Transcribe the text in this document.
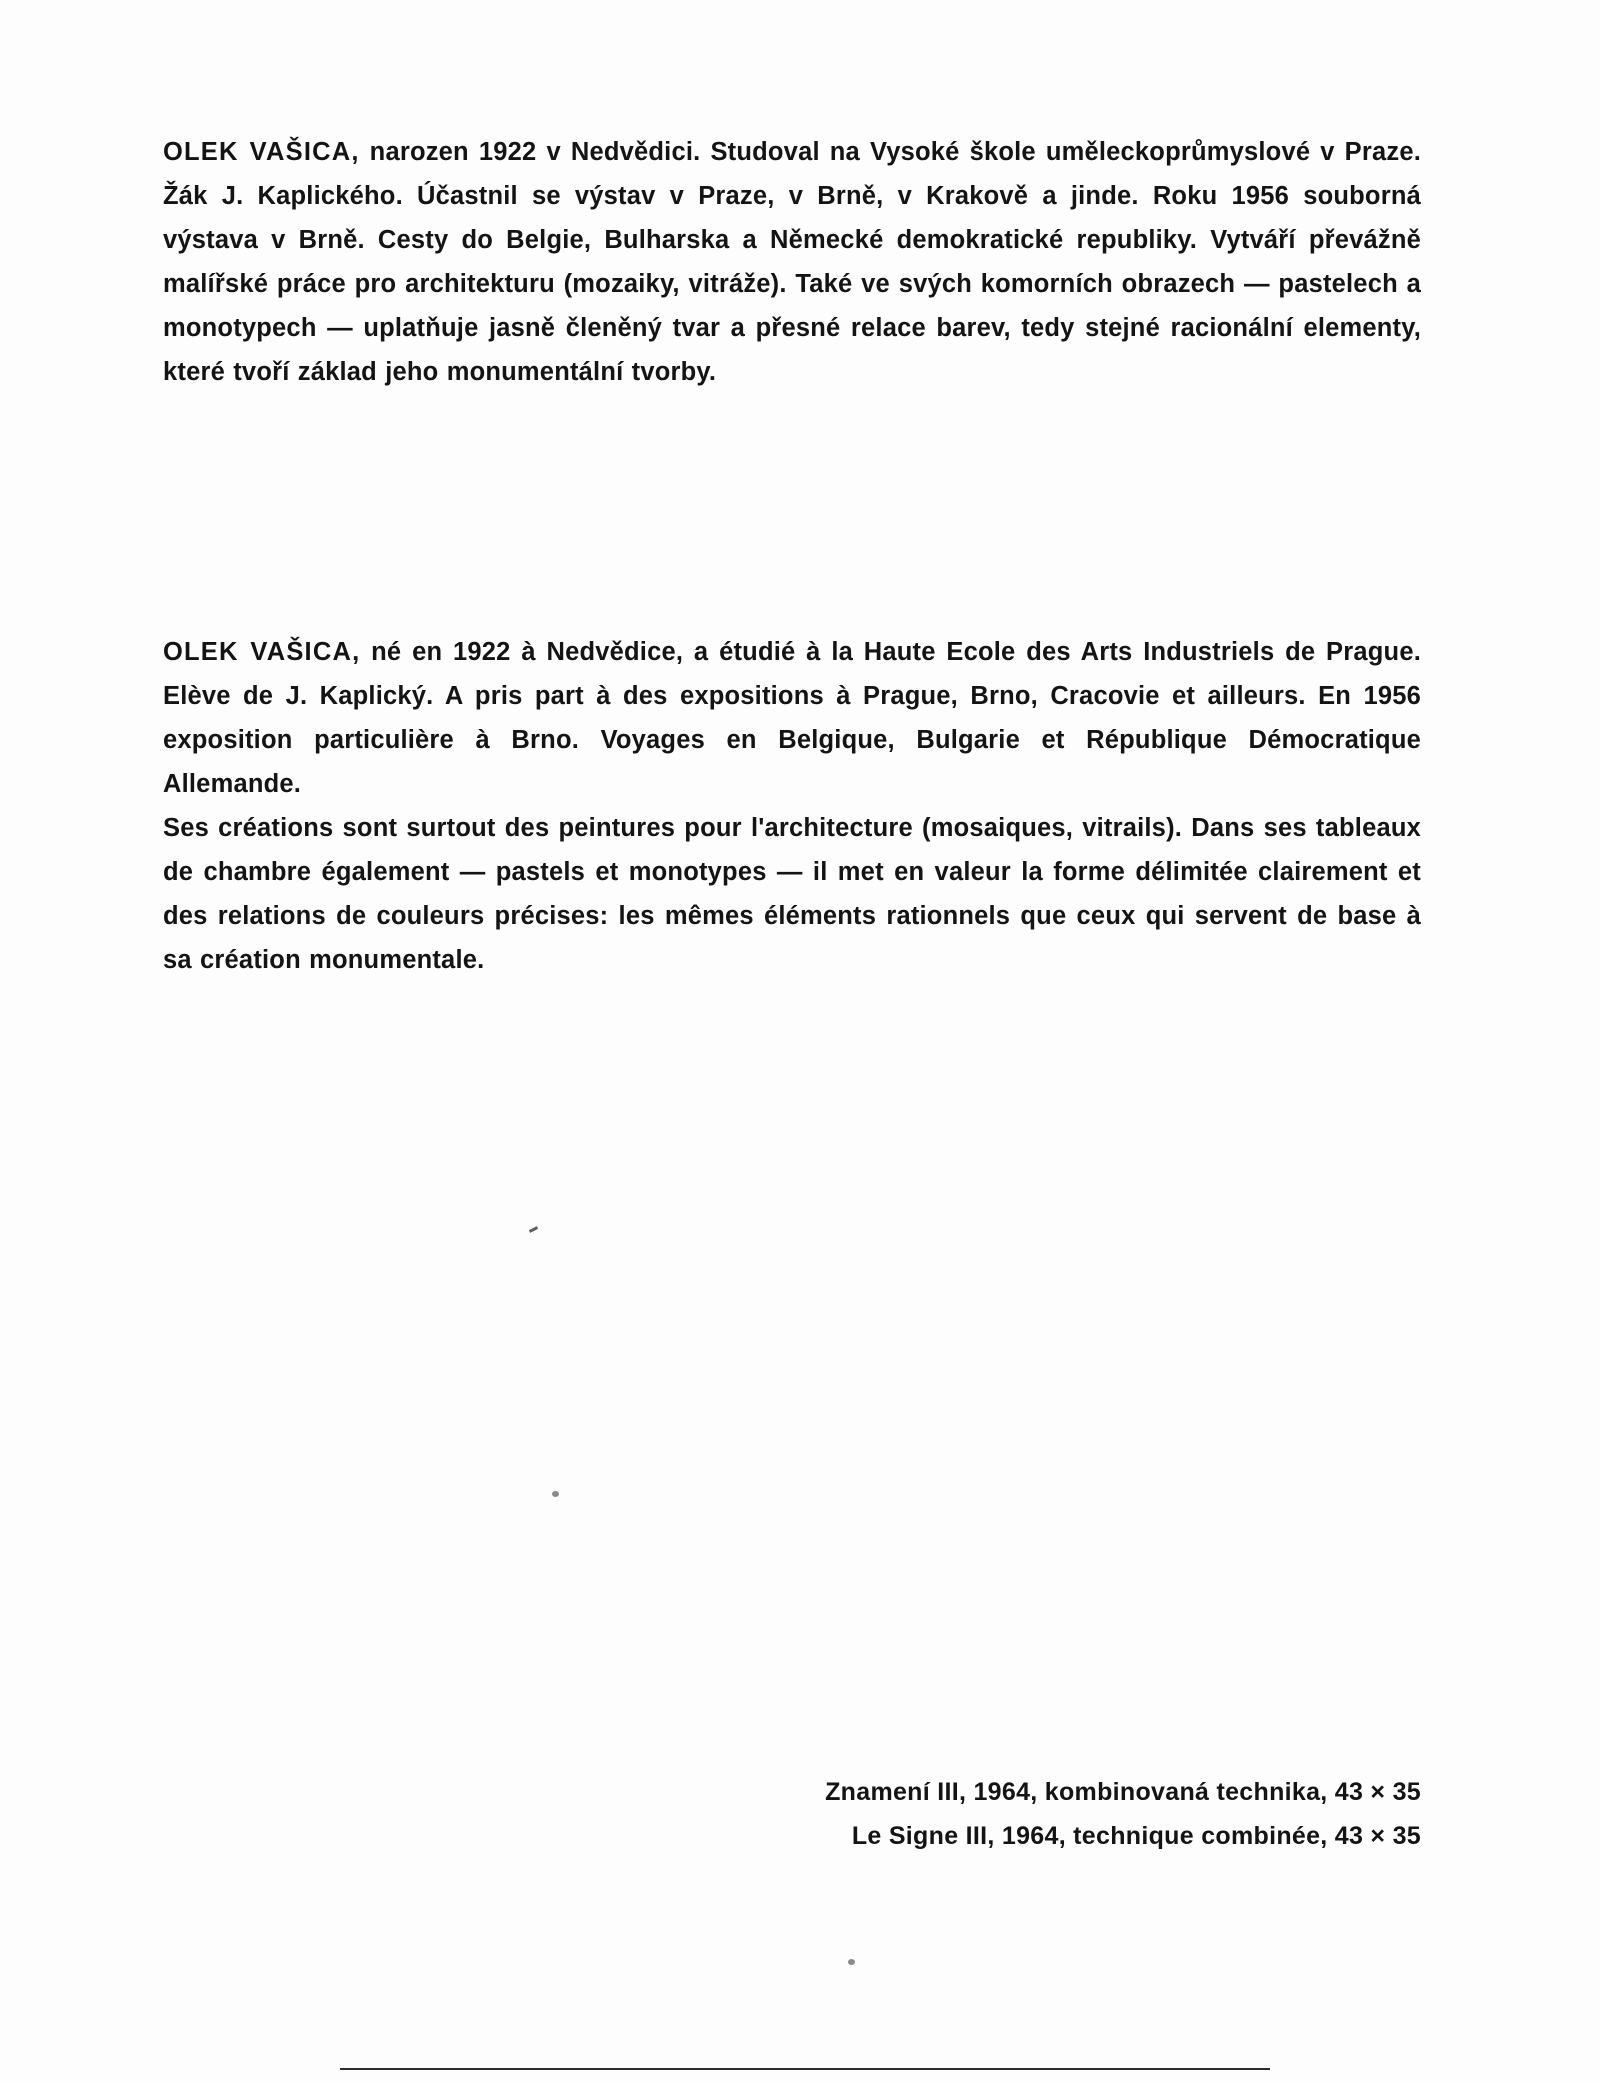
OLEK VAŠICA, narozen 1922 v Nedvědici. Studoval na Vysoké škole uměleckoprůmyslové v Praze. Žák J. Kaplického. Účastnil se výstav v Praze, v Brně, v Krakově a jinde. Roku 1956 souborná výstava v Brně. Cesty do Belgie, Bulharska a Německé demokratické republiky. Vytváří převážně malířské práce pro architekturu (mozaiky, vitráže). Také ve svých komorních obrazech — pastelech a monotypech — uplatňuje jasně členěný tvar a přesné relace barev, tedy stejné racionální elementy, které tvoří základ jeho monumentální tvorby.

OLEK VAŠICA, né en 1922 à Nedvědice, a étudié à la Haute Ecole des Arts Industriels de Prague. Elève de J. Kaplický. A pris part à des expositions à Prague, Brno, Cracovie et ailleurs. En 1956 exposition particulière à Brno. Voyages en Belgique, Bulgarie et République Démocratique Allemande.

Ses créations sont surtout des peintures pour l'architecture (mosaiques, vitrails). Dans ses tableaux de chambre également — pastels et monotypes — il met en valeur la forme délimitée clairement et des relations de couleurs précises: les mêmes éléments rationnels que ceux qui servent de base à sa création monumentale.

Znamení III, 1964, kombinovaná technika, 43 × 35
Le Signe III, 1964, technique combinée, 43 × 35
